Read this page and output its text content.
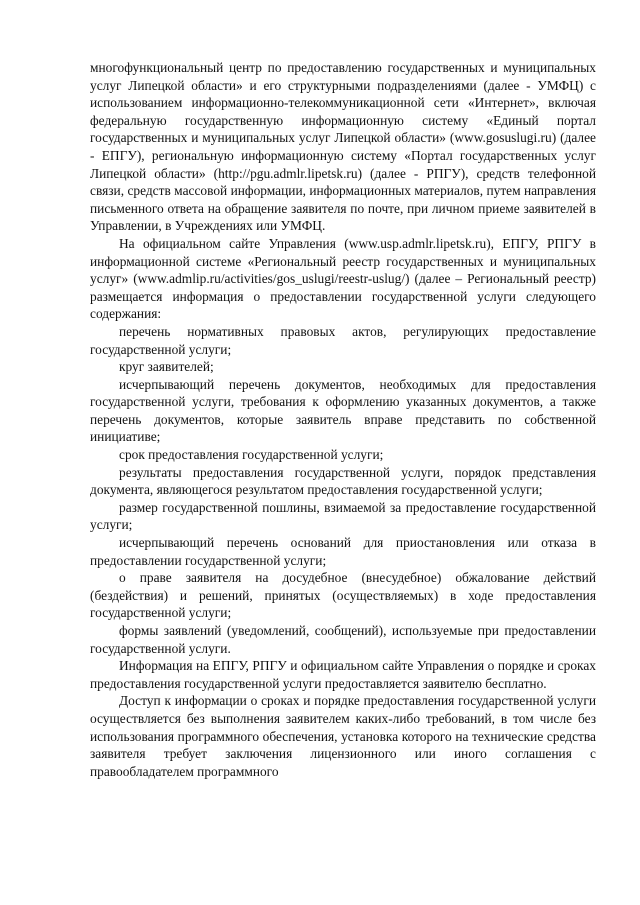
многофункциональный центр по предоставлению государственных и муниципальных услуг Липецкой области» и его структурными подразделениями (далее - УМФЦ) с использованием информационно-телекоммуникационной сети «Интернет», включая федеральную государственную информационную систему «Единый портал государственных и муниципальных услуг Липецкой области» (www.gosuslugi.ru) (далее - ЕПГУ), региональную информационную систему «Портал государственных услуг Липецкой области» (http://pgu.admlr.lipetsk.ru) (далее - РПГУ), средств телефонной связи, средств массовой информации, информационных материалов, путем направления письменного ответа на обращение заявителя по почте, при личном приеме заявителей в Управлении, в Учреждениях или УМФЦ.

На официальном сайте Управления (www.usp.admlr.lipetsk.ru), ЕПГУ, РПГУ в информационной системе «Региональный реестр государственных и муниципальных услуг» (www.admlip.ru/activities/gos_uslugi/reestr-uslug/) (далее – Региональный реестр) размещается информация о предоставлении государственной услуги следующего содержания:

перечень нормативных правовых актов, регулирующих предоставление государственной услуги;

круг заявителей;

исчерпывающий перечень документов, необходимых для предоставления государственной услуги, требования к оформлению указанных документов, а также перечень документов, которые заявитель вправе представить по собственной инициативе;

срок предоставления государственной услуги;

результаты предоставления государственной услуги, порядок представления документа, являющегося результатом предоставления государственной услуги;

размер государственной пошлины, взимаемой за предоставление государственной услуги;

исчерпывающий перечень оснований для приостановления или отказа в предоставлении государственной услуги;

о праве заявителя на досудебное (внесудебное) обжалование действий (бездействия) и решений, принятых (осуществляемых) в ходе предоставления государственной услуги;

формы заявлений (уведомлений, сообщений), используемые при предоставлении государственной услуги.

Информация на ЕПГУ, РПГУ и официальном сайте Управления о порядке и сроках предоставления государственной услуги предоставляется заявителю бесплатно.

Доступ к информации о сроках и порядке предоставления государственной услуги осуществляется без выполнения заявителем каких-либо требований, в том числе без использования программного обеспечения, установка которого на технические средства заявителя требует заключения лицензионного или иного соглашения с правообладателем программного
